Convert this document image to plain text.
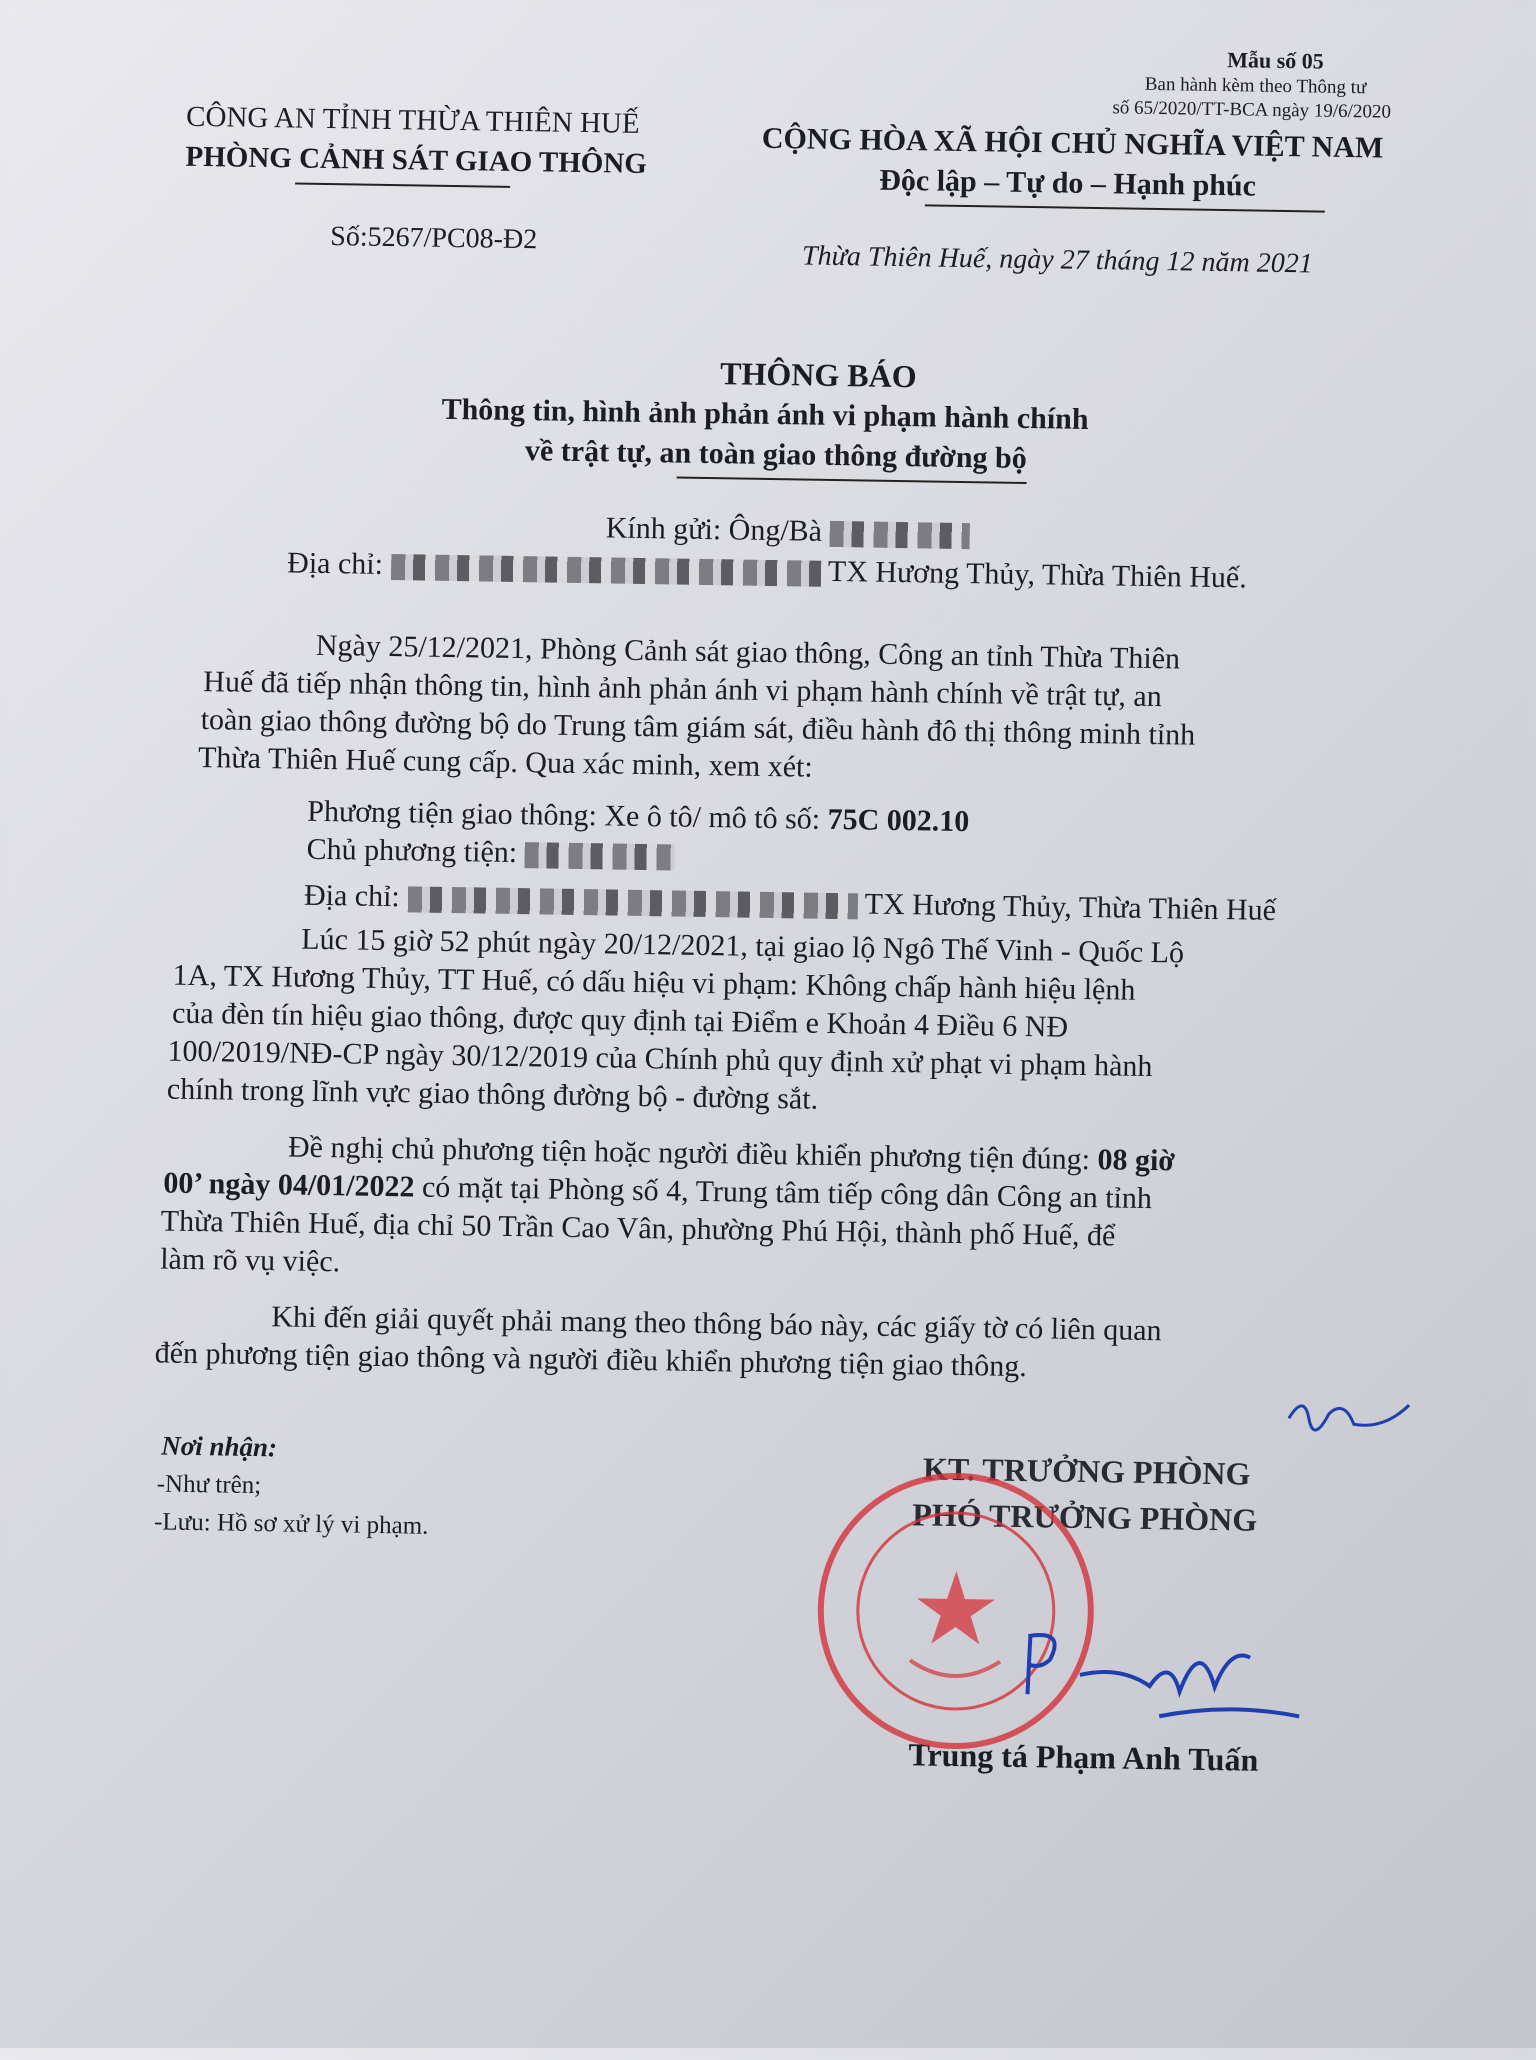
Mẫu số 05
Ban hành kèm theo Thông tư
số 65/2020/TT-BCA ngày 19/6/2020
CÔNG AN TỈNH THỪA THIÊN HUẾ
PHÒNG CẢNH SÁT GIAO THÔNG
Số:5267/PC08-Đ2
CỘNG HÒA XÃ HỘI CHỦ NGHĨA VIỆT NAM
Độc lập – Tự do – Hạnh phúc
Thừa Thiên Huế, ngày 27 tháng 12 năm 2021
THÔNG BÁO
Thông tin, hình ảnh phản ánh vi phạm hành chính
về trật tự, an toàn giao thông đường bộ
Kính gửi: Ông/Bà
Địa chỉ:	TX Hương Thủy, Thừa Thiên Huế.
Ngày 25/12/2021, Phòng Cảnh sát giao thông, Công an tỉnh Thừa Thiên
Huế đã tiếp nhận thông tin, hình ảnh phản ánh vi phạm hành chính về trật tự, an
toàn giao thông đường bộ do Trung tâm giám sát, điều hành đô thị thông minh tỉnh
Thừa Thiên Huế cung cấp. Qua xác minh, xem xét:
Phương tiện giao thông: Xe ô tô/ mô tô số: 75C 002.10
Chủ phương tiện:
Địa chỉ:	TX Hương Thủy, Thừa Thiên Huế
Lúc 15 giờ 52 phút ngày 20/12/2021, tại giao lộ Ngô Thế Vinh - Quốc Lộ
1A, TX Hương Thủy, TT Huế, có dấu hiệu vi phạm: Không chấp hành hiệu lệnh
của đèn tín hiệu giao thông, được quy định tại Điểm e Khoản 4 Điều 6 NĐ
100/2019/NĐ-CP ngày 30/12/2019 của Chính phủ quy định xử phạt vi phạm hành
chính trong lĩnh vực giao thông đường bộ - đường sắt.
Đề nghị chủ phương tiện hoặc người điều khiển phương tiện đúng: 08 giờ
00’ ngày 04/01/2022 có mặt tại Phòng số 4, Trung tâm tiếp công dân Công an tỉnh
Thừa Thiên Huế, địa chỉ 50 Trần Cao Vân, phường Phú Hội, thành phố Huế, để
làm rõ vụ việc.
Khi đến giải quyết phải mang theo thông báo này, các giấy tờ có liên quan
đến phương tiện giao thông và người điều khiển phương tiện giao thông.
Nơi nhận:
-Như trên;
-Lưu: Hồ sơ xử lý vi phạm.
KT. TRƯỞNG PHÒNG
PHÓ TRƯỞNG PHÒNG
Trung tá Phạm Anh Tuấn
